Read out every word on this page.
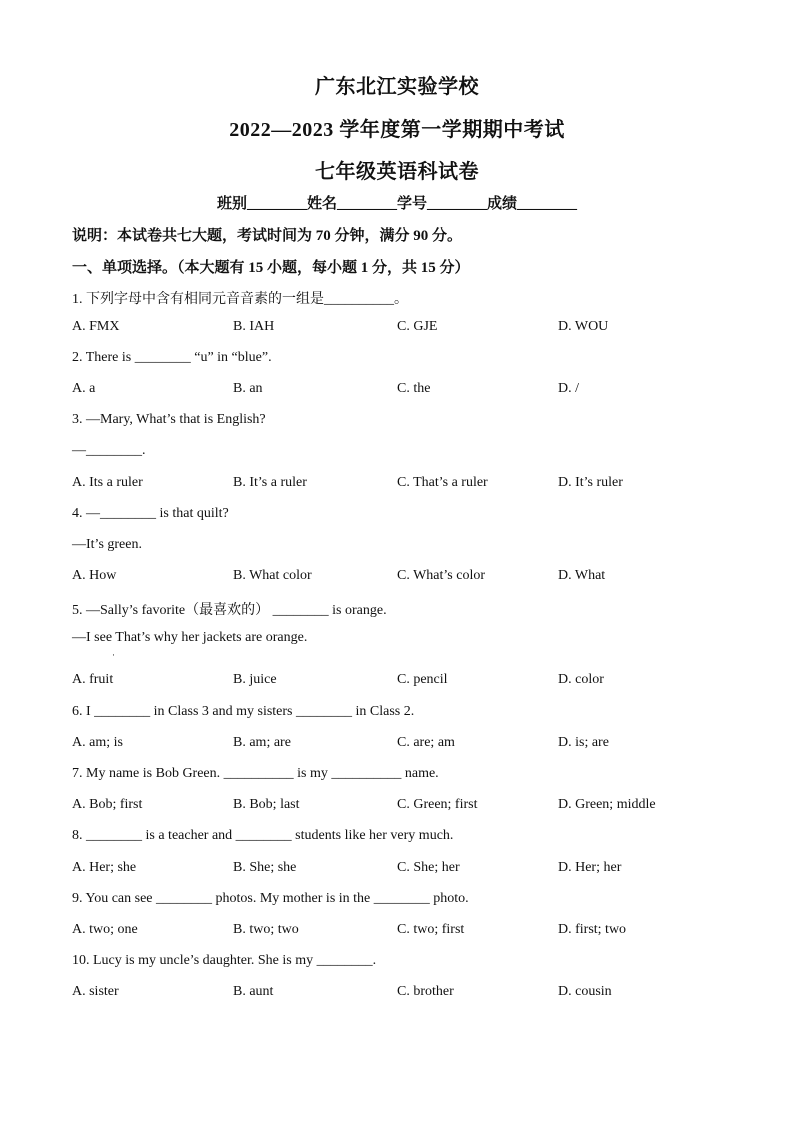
广东北江实验学校
2022—2023 学年度第一学期期中考试
七年级英语科试卷
班别________姓名________学号________成绩________
说明：本试卷共七大题，考试时间为 70 分钟，满分 90 分。
一、单项选择。（本大题有 15 小题，每小题 1 分，共 15 分）
1. 下列字母中含有相同元音音素的一组是__________。
A. FMX	B. IAH	C. GJE	D. WOU
2. There is ________ “u” in “blue”.
A. a	B. an	C. the	D. /
3. —Mary, What’s that is English?
—________.
A. Its a ruler	B. It’s a ruler	C. That’s a ruler	D. It’s ruler
4. —________ is that quilt?
—It’s green.
A. How	B. What color	C. What’s color	D. What
5. —Sally’s favorite（最喜欢的） ________ is orange.
—I see That’s why her jackets are orange.
·
A. fruit	B. juice	C. pencil	D. color
6. I ________ in Class 3 and my sisters ________ in Class 2.
A. am; is	B. am; are	C. are; am	D. is; are
7. My name is Bob Green. __________ is my __________ name.
A. Bob; first	B. Bob; last	C. Green; first	D. Green; middle
8. ________ is a teacher and ________ students like her very much.
A. Her; she	B. She; she	C. She; her	D. Her; her
9. You can see ________ photos. My mother is in the ________ photo.
A. two; one	B. two; two	C. two; first	D. first; two
10. Lucy is my uncle’s daughter. She is my ________.
A. sister	B. aunt	C. brother	D. cousin
